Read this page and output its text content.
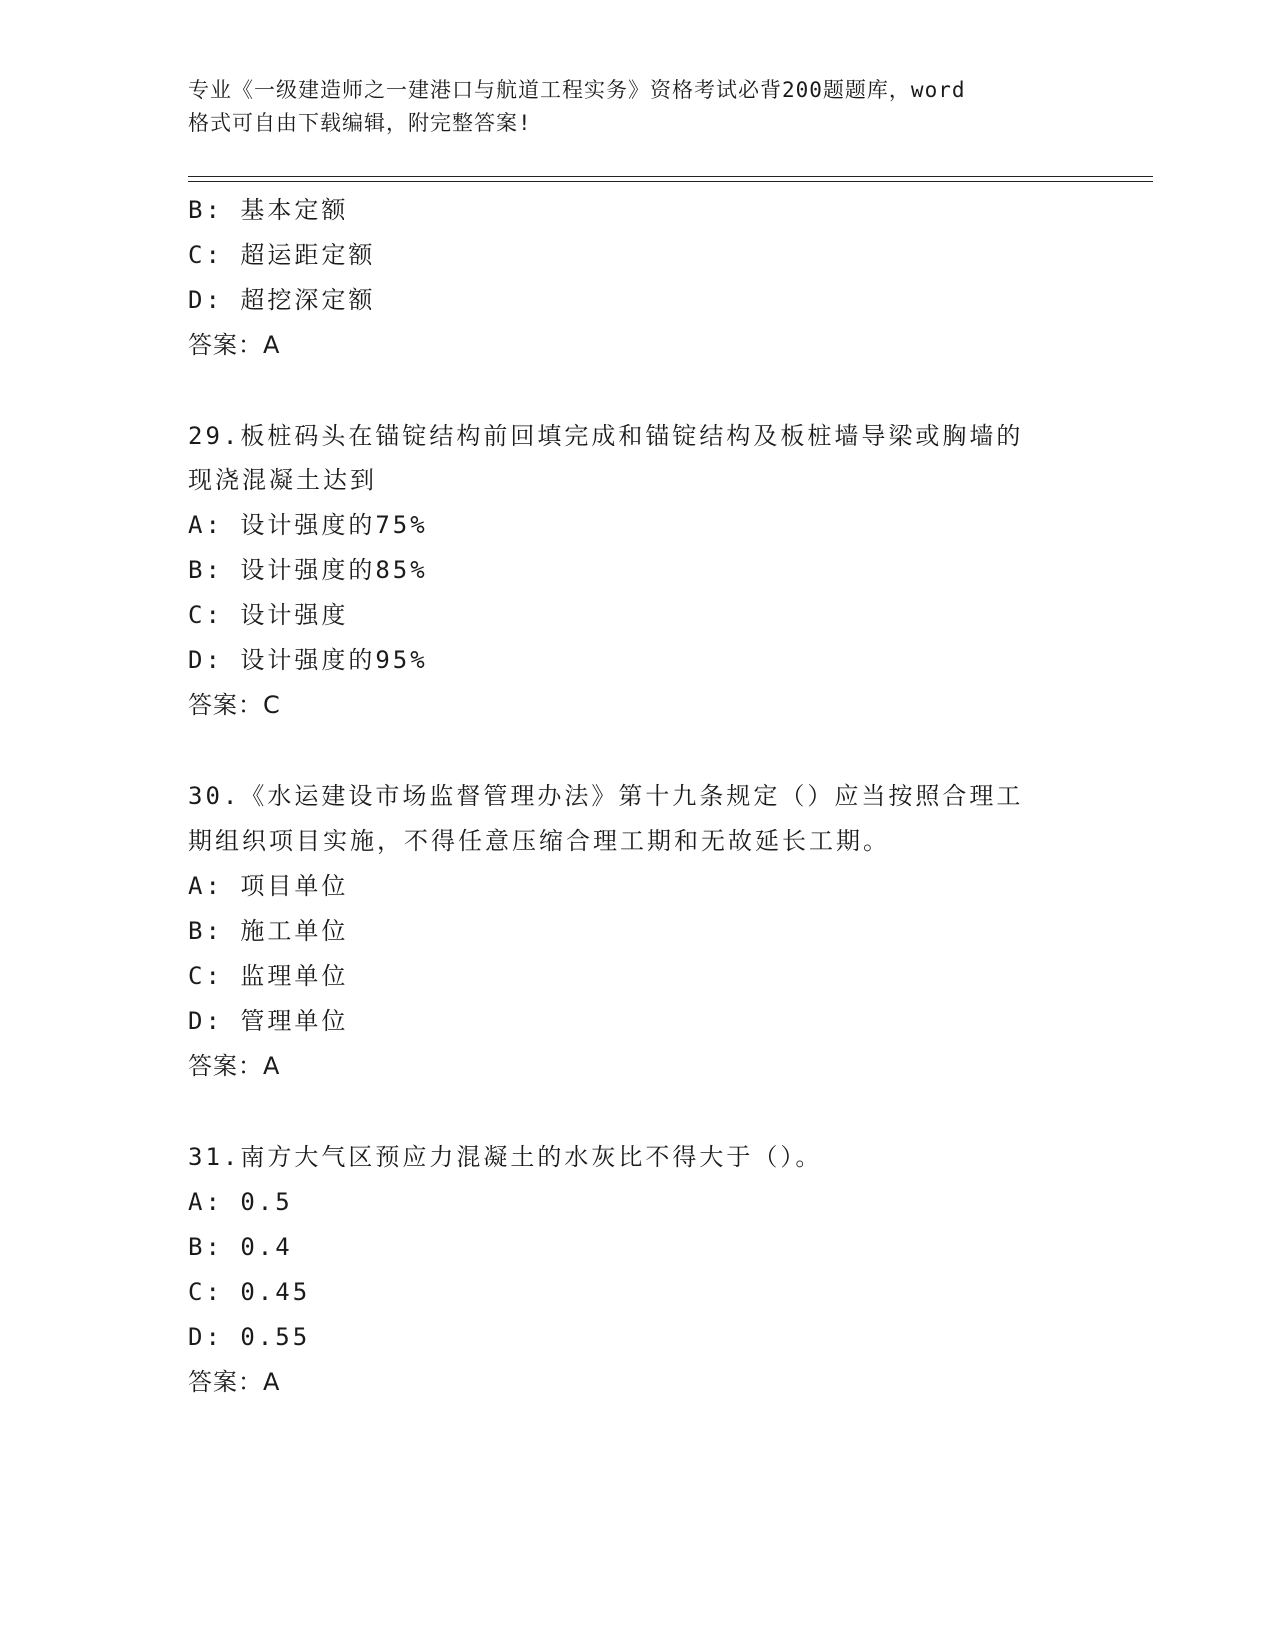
专业《一级建造师之一建港口与航道工程实务》资格考试必背200题题库，word
格式可自由下载编辑，附完整答案!
B: 基本定额
C: 超运距定额
D: 超挖深定额
答案：A
29.板桩码头在锚锭结构前回填完成和锚锭结构及板桩墙导梁或胸墙的
现浇混凝土达到
A: 设计强度的75%
B: 设计强度的85%
C: 设计强度
D: 设计强度的95%
答案：C
30.《水运建设市场监督管理办法》第十九条规定（）应当按照合理工
期组织项目实施，不得任意压缩合理工期和无故延长工期。
A: 项目单位
B: 施工单位
C: 监理单位
D: 管理单位
答案：A
31.南方大气区预应力混凝土的水灰比不得大于（）。
A: 0.5
B: 0.4
C: 0.45
D: 0.55
答案：A
